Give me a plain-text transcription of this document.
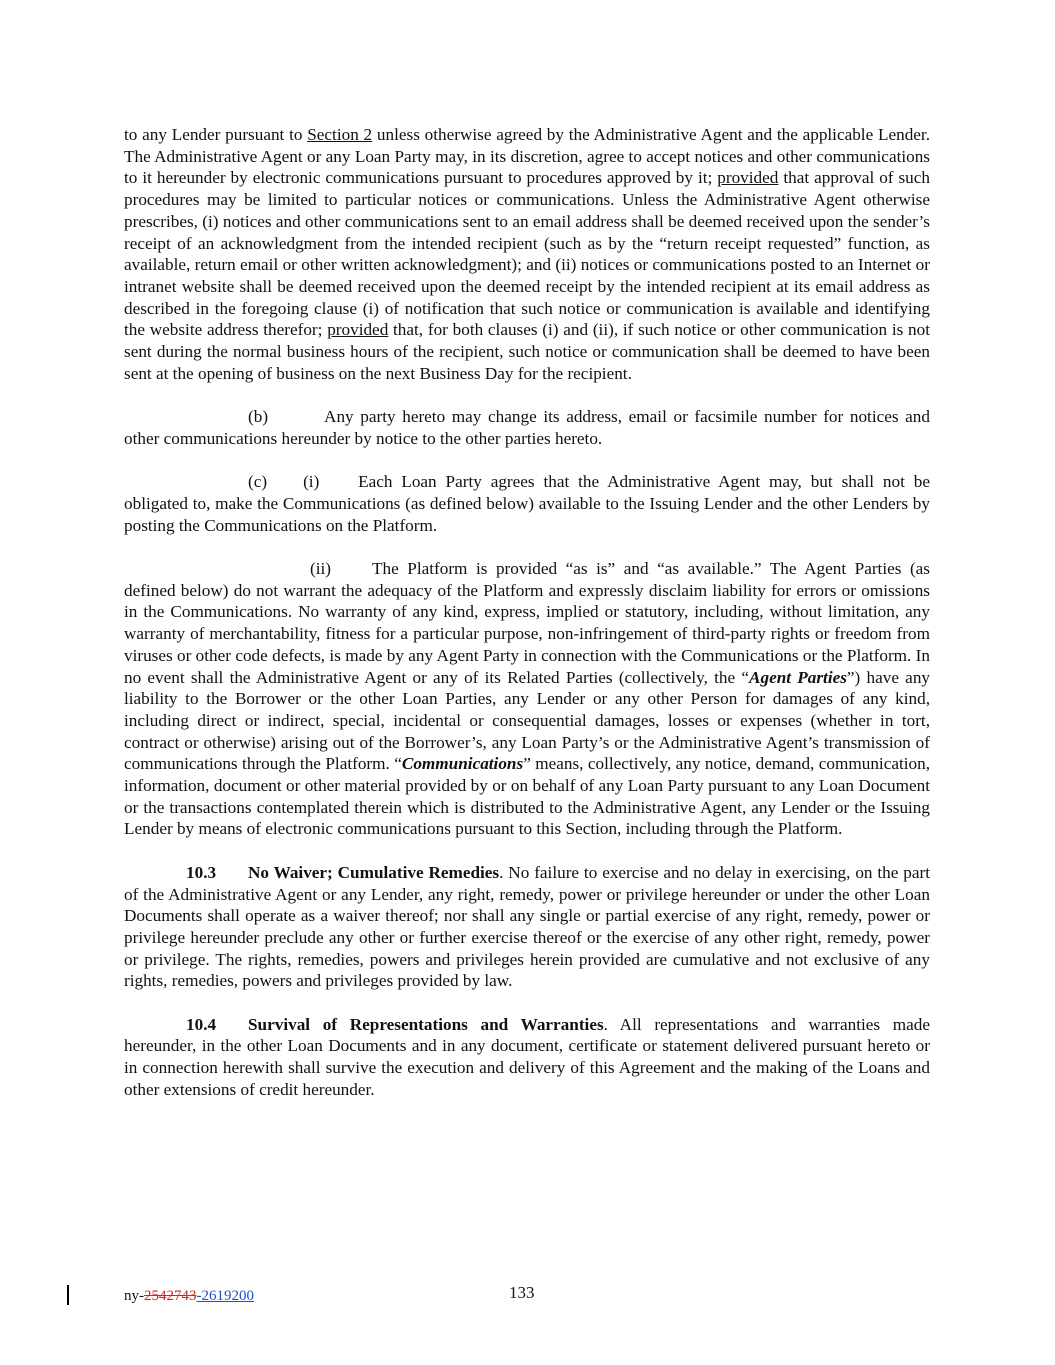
to any Lender pursuant to Section 2 unless otherwise agreed by the Administrative Agent and the applicable Lender. The Administrative Agent or any Loan Party may, in its discretion, agree to accept notices and other communications to it hereunder by electronic communications pursuant to procedures approved by it; provided that approval of such procedures may be limited to particular notices or communications. Unless the Administrative Agent otherwise prescribes, (i) notices and other communications sent to an email address shall be deemed received upon the sender’s receipt of an acknowledgment from the intended recipient (such as by the “return receipt requested” function, as available, return email or other written acknowledgment); and (ii) notices or communications posted to an Internet or intranet website shall be deemed received upon the deemed receipt by the intended recipient at its email address as described in the foregoing clause (i) of notification that such notice or communication is available and identifying the website address therefor; provided that, for both clauses (i) and (ii), if such notice or other communication is not sent during the normal business hours of the recipient, such notice or communication shall be deemed to have been sent at the opening of business on the next Business Day for the recipient.

(b)	Any party hereto may change its address, email or facsimile number for notices and other communications hereunder by notice to the other parties hereto.

(c) (i) Each Loan Party agrees that the Administrative Agent may, but shall not be obligated to, make the Communications (as defined below) available to the Issuing Lender and the other Lenders by posting the Communications on the Platform.

(ii) The Platform is provided “as is” and “as available.” The Agent Parties (as defined below) do not warrant the adequacy of the Platform and expressly disclaim liability for errors or omissions in the Communications. No warranty of any kind, express, implied or statutory, including, without limitation, any warranty of merchantability, fitness for a particular purpose, non-infringement of third-party rights or freedom from viruses or other code defects, is made by any Agent Party in connection with the Communications or the Platform. In no event shall the Administrative Agent or any of its Related Parties (collectively, the “Agent Parties”) have any liability to the Borrower or the other Loan Parties, any Lender or any other Person for damages of any kind, including direct or indirect, special, incidental or consequential damages, losses or expenses (whether in tort, contract or otherwise) arising out of the Borrower’s, any Loan Party’s or the Administrative Agent’s transmission of communications through the Platform. “Communications” means, collectively, any notice, demand, communication, information, document or other material provided by or on behalf of any Loan Party pursuant to any Loan Document or the transactions contemplated therein which is distributed to the Administrative Agent, any Lender or the Issuing Lender by means of electronic communications pursuant to this Section, including through the Platform.

10.3 No Waiver; Cumulative Remedies. No failure to exercise and no delay in exercising, on the part of the Administrative Agent or any Lender, any right, remedy, power or privilege hereunder or under the other Loan Documents shall operate as a waiver thereof; nor shall any single or partial exercise of any right, remedy, power or privilege hereunder preclude any other or further exercise thereof or the exercise of any other right, remedy, power or privilege. The rights, remedies, powers and privileges herein provided are cumulative and not exclusive of any rights, remedies, powers and privileges provided by law.

10.4 Survival of Representations and Warranties. All representations and warranties made hereunder, in the other Loan Documents and in any document, certificate or statement delivered pursuant hereto or in connection herewith shall survive the execution and delivery of this Agreement and the making of the Loans and other extensions of credit hereunder.

ny-2542743-2619200	133
